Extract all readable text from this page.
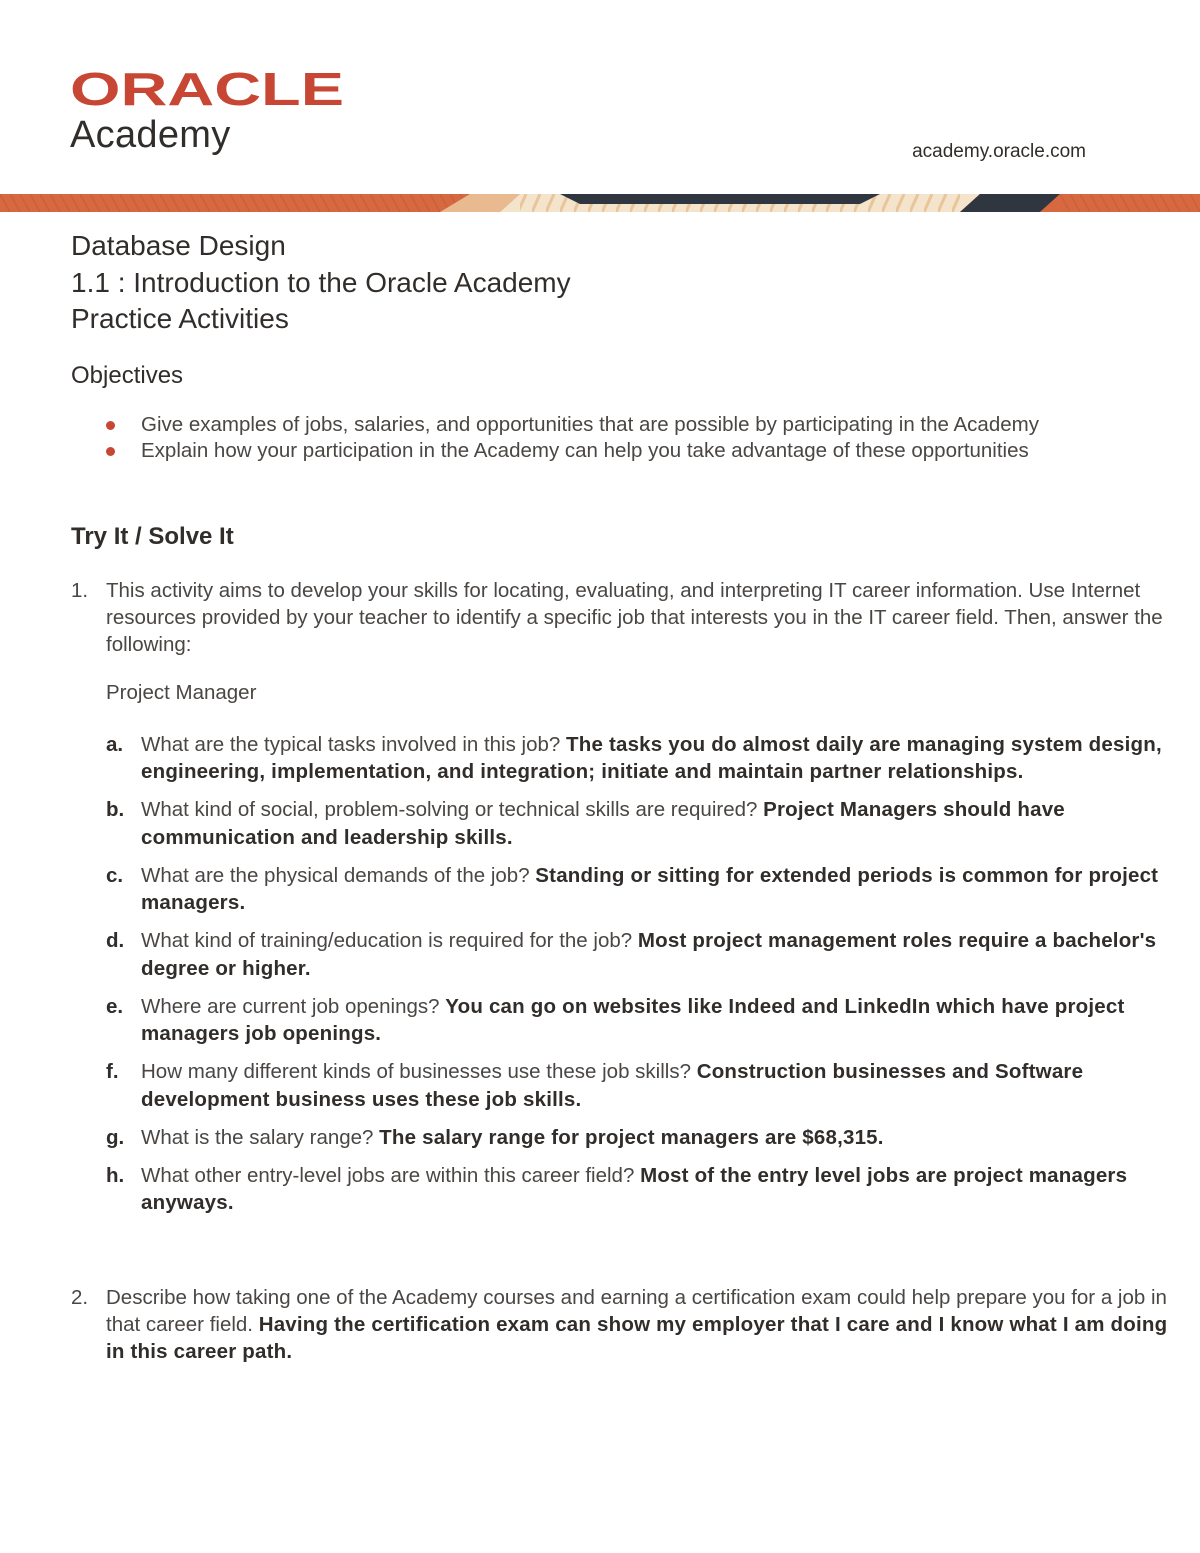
ORACLE
Academy	academy.oracle.com
Database Design
1.1 : Introduction to the Oracle Academy
Practice Activities
Objectives
Give examples of jobs, salaries, and opportunities that are possible by participating in the Academy
Explain how your participation in the Academy can help you take advantage of these opportunities
Try It / Solve It
1. This activity aims to develop your skills for locating, evaluating, and interpreting IT career information. Use Internet resources provided by your teacher to identify a specific job that interests you in the IT career field. Then, answer the following:
Project Manager
a. What are the typical tasks involved in this job? The tasks you do almost daily are managing system design, engineering, implementation, and integration; initiate and maintain partner relationships.
b. What kind of social, problem-solving or technical skills are required? Project Managers should have communication and leadership skills.
c. What are the physical demands of the job? Standing or sitting for extended periods is common for project managers.
d. What kind of training/education is required for the job? Most project management roles require a bachelor's degree or higher.
e. Where are current job openings? You can go on websites like Indeed and LinkedIn which have project managers job openings.
f. How many different kinds of businesses use these job skills? Construction businesses and Software development business uses these job skills.
g. What is the salary range? The salary range for project managers are $68,315.
h. What other entry-level jobs are within this career field? Most of the entry level jobs are project managers anyways.
2. Describe how taking one of the Academy courses and earning a certification exam could help prepare you for a job in that career field. Having the certification exam can show my employer that I care and I know what I am doing in this career path.
